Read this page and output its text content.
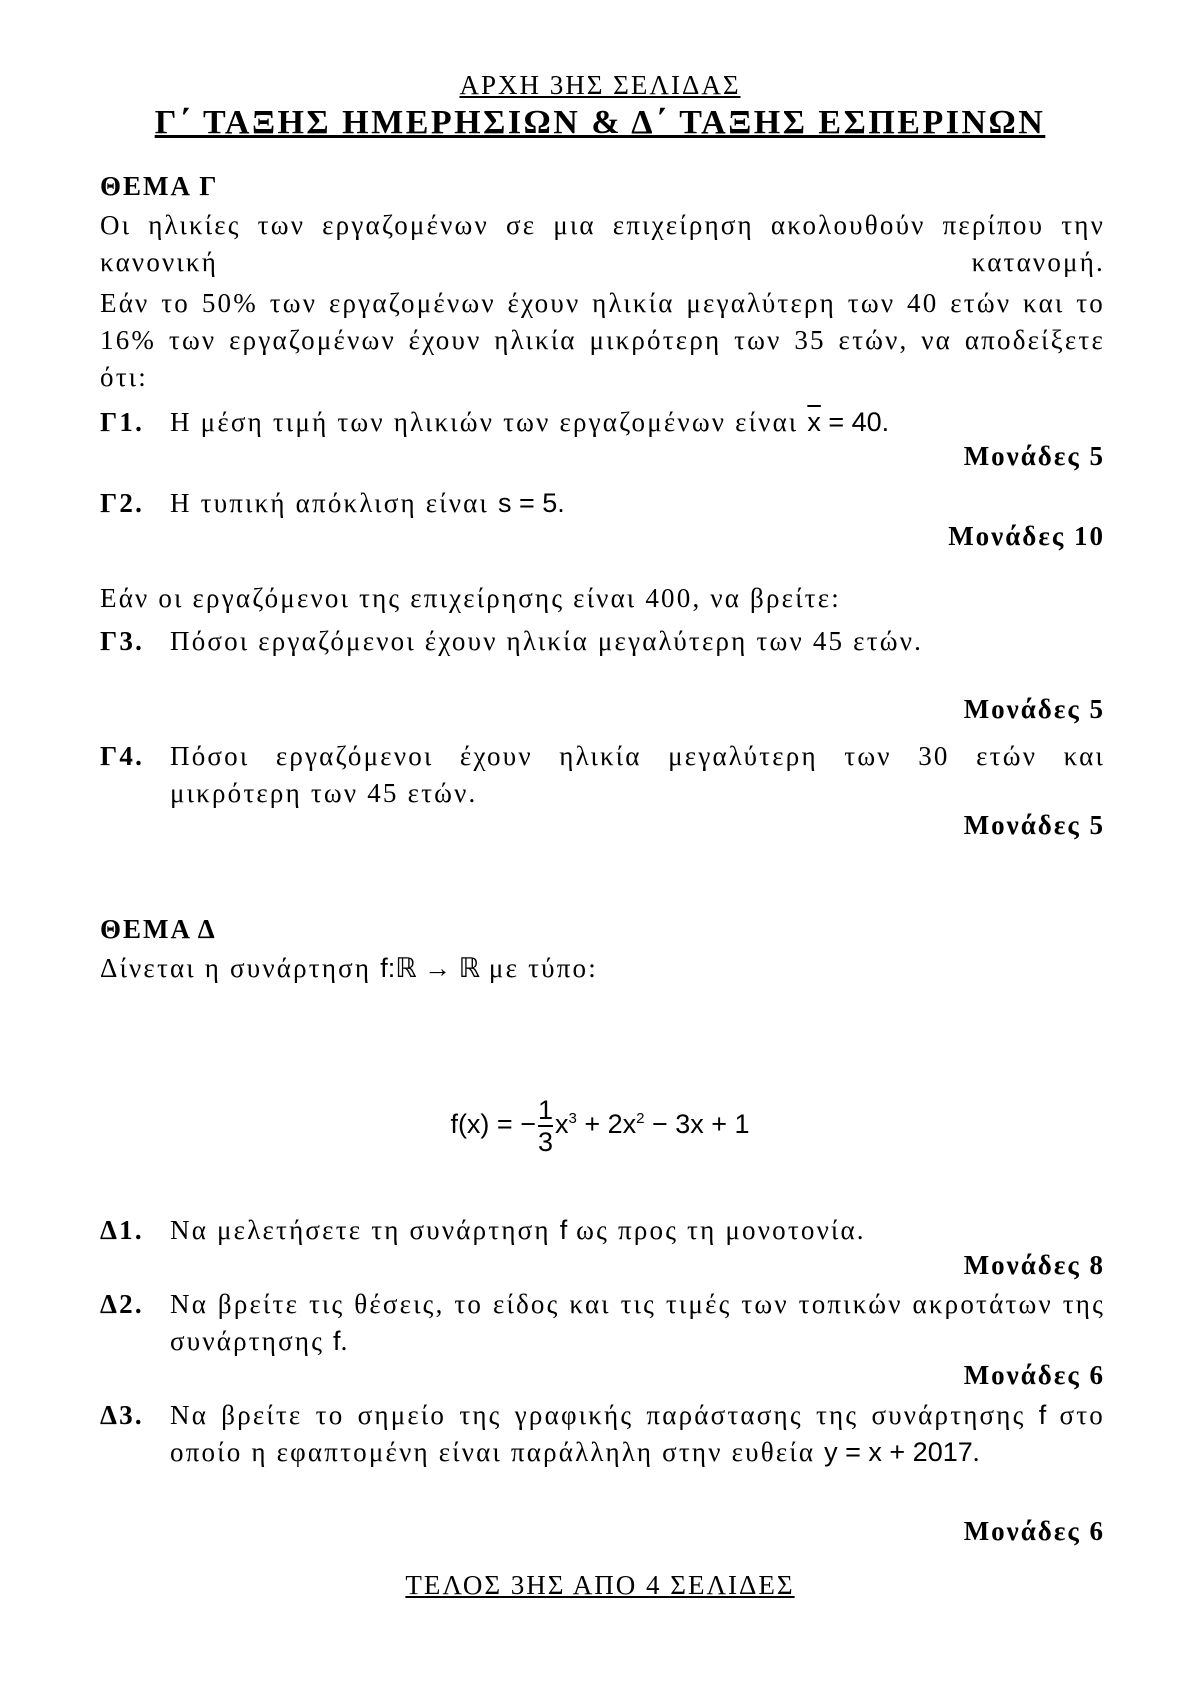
ΑΡΧΗ 3ΗΣ ΣΕΛΙΔΑΣ
Γ΄ ΤΑΞΗΣ ΗΜΕΡΗΣΙΩΝ & Δ΄ ΤΑΞΗΣ ΕΣΠΕΡΙΝΩΝ
ΘΕΜΑ Γ
Οι ηλικίες των εργαζομένων σε μια επιχείρηση ακολουθούν περίπου την κανονική κατανομή.
Εάν το 50% των εργαζομένων έχουν ηλικία μεγαλύτερη των 40 ετών και το 16% των εργαζομένων έχουν ηλικία μικρότερη των 35 ετών, να αποδείξετε ότι:
Γ1. Η μέση τιμή των ηλικιών των εργαζομένων είναι $\overline{x} = 40$.
Μονάδες 5
Γ2. Η τυπική απόκλιση είναι s = 5.
Μονάδες 10
Εάν οι εργαζόμενοι της επιχείρησης είναι 400, να βρείτε:
Γ3. Πόσοι εργαζόμενοι έχουν ηλικία μεγαλύτερη των 45 ετών.
Μονάδες 5
Γ4. Πόσοι εργαζόμενοι έχουν ηλικία μεγαλύτερη των 30 ετών και μικρότερη των 45 ετών.
Μονάδες 5
ΘΕΜΑ Δ
Δίνεται η συνάρτηση f:ℝ → ℝ με τύπο:
f(x) = − $\frac{1}{3} x^3 + 2x^2 - 3x + 1$
Δ1. Να μελετήσετε τη συνάρτηση f ως προς τη μονοτονία.
Μονάδες 8
Δ2. Να βρείτε τις θέσεις, το είδος και τις τιμές των τοπικών ακροτάτων της συνάρτησης f.
Μονάδες 6
Δ3. Να βρείτε το σημείο της γραφικής παράστασης της συνάρτησης f στο οποίο η εφαπτομένη είναι παράλληλη στην ευθεία y = x + 2017.
Μονάδες 6
ΤΕΛΟΣ 3ΗΣ ΑΠΟ 4 ΣΕΛΙΔΕΣ
